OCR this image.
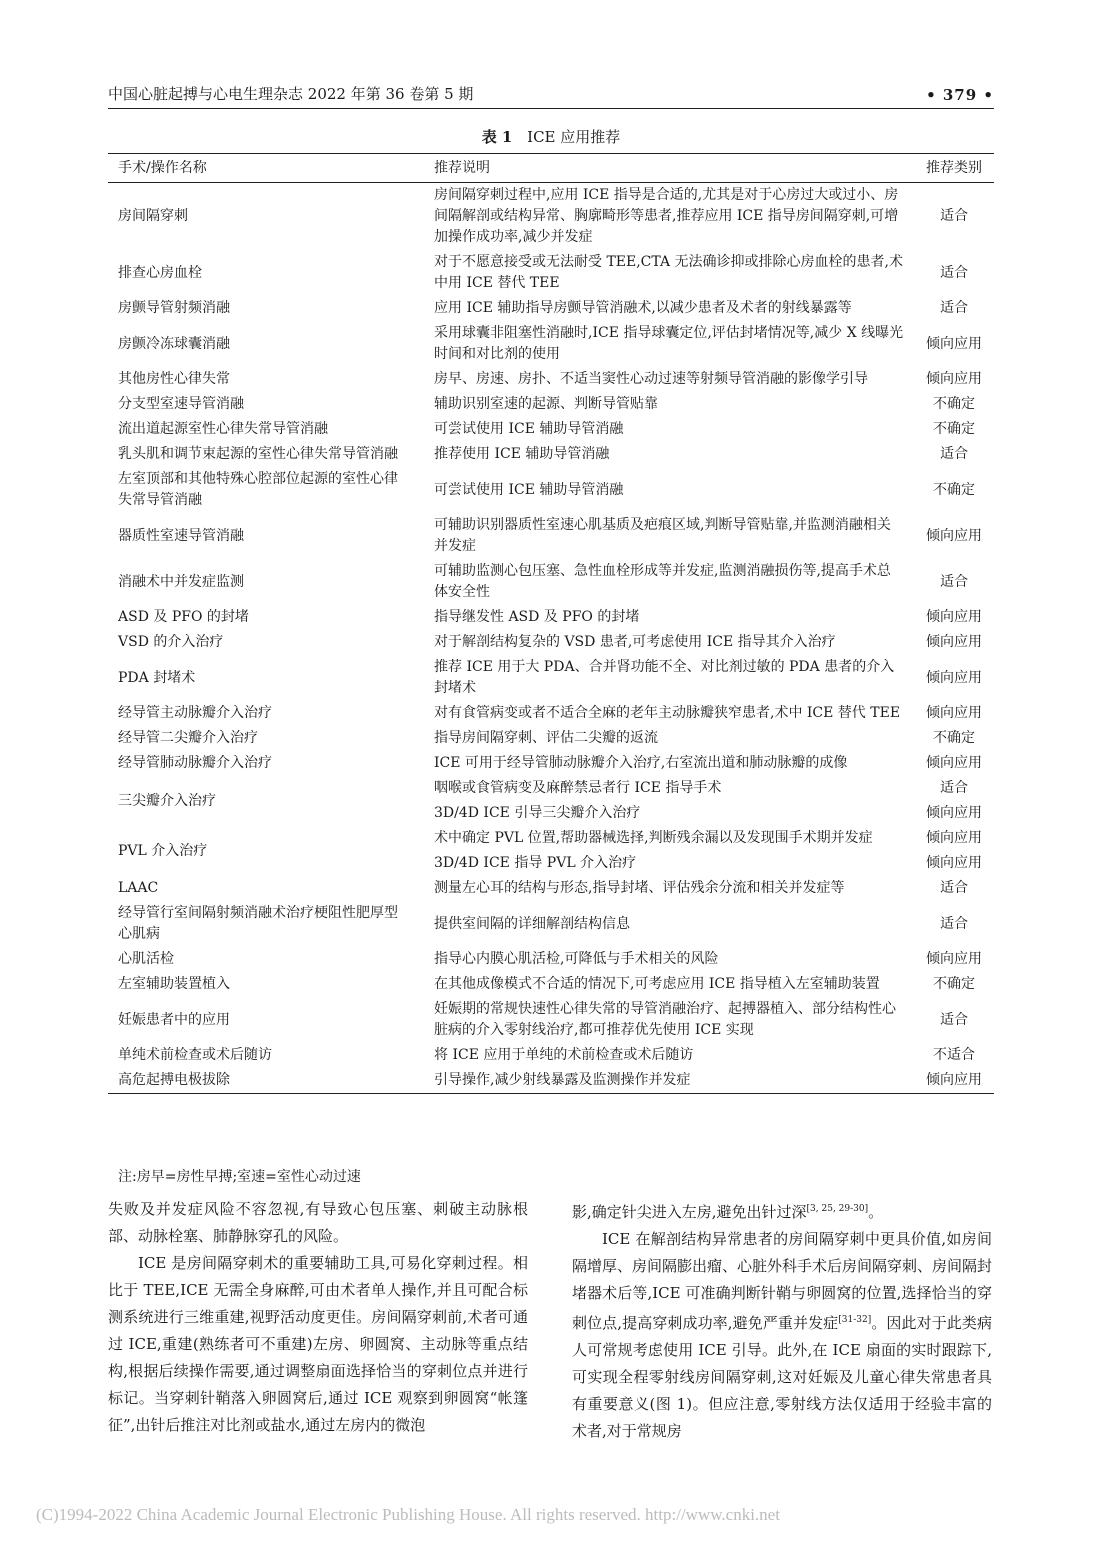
中国心脏起搏与心电生理杂志 2022 年第 36 卷第 5 期	• 379 •
表 1 ICE 应用推荐
手术/操作名称	推荐说明	推荐类别
房间隔穿刺	房间隔穿刺过程中,应用 ICE 指导是合适的,尤其是对于心房过大或过小、房间隔解剖或结构异常、胸廓畸形等患者,推荐应用 ICE 指导房间隔穿刺,可增加操作成功率,减少并发症	适合
排查心房血栓	对于不愿意接受或无法耐受 TEE,CTA 无法确诊抑或排除心房血栓的患者,术中用 ICE 替代 TEE	适合
房颤导管射频消融	应用 ICE 辅助指导房颤导管消融术,以减少患者及术者的射线暴露等	适合
房颤冷冻球囊消融	采用球囊非阻塞性消融时,ICE 指导球囊定位,评估封堵情况等,减少 X 线曝光时间和对比剂的使用	倾向应用
其他房性心律失常	房早、房速、房扑、不适当窦性心动过速等射频导管消融的影像学引导	倾向应用
分支型室速导管消融	辅助识别室速的起源、判断导管贴靠	不确定
流出道起源室性心律失常导管消融	可尝试使用 ICE 辅助导管消融	不确定
乳头肌和调节束起源的室性心律失常导管消融	推荐使用 ICE 辅助导管消融	适合
左室顶部和其他特殊心腔部位起源的室性心律失常导管消融	可尝试使用 ICE 辅助导管消融	不确定
器质性室速导管消融	可辅助识别器质性室速心肌基质及疤痕区域,判断导管贴靠,并监测消融相关并发症	倾向应用
消融术中并发症监测	可辅助监测心包压塞、急性血栓形成等并发症,监测消融损伤等,提高手术总体安全性	适合
ASD 及 PFO 的封堵	指导继发性 ASD 及 PFO 的封堵	倾向应用
VSD 的介入治疗	对于解剖结构复杂的 VSD 患者,可考虑使用 ICE 指导其介入治疗	倾向应用
PDA 封堵术	推荐 ICE 用于大 PDA、合并肾功能不全、对比剂过敏的 PDA 患者的介入封堵术	倾向应用
经导管主动脉瓣介入治疗	对有食管病变或者不适合全麻的老年主动脉瓣狭窄患者,术中 ICE 替代 TEE	倾向应用
经导管二尖瓣介入治疗	指导房间隔穿刺、评估二尖瓣的返流	不确定
经导管肺动脉瓣介入治疗	ICE 可用于经导管肺动脉瓣介入治疗,右室流出道和肺动脉瓣的成像	倾向应用
三尖瓣介入治疗	咽喉或食管病变及麻醉禁忌者行 ICE 指导手术	适合
	3D/4D ICE 引导三尖瓣介入治疗	倾向应用
PVL 介入治疗	术中确定 PVL 位置,帮助器械选择,判断残余漏以及发现围手术期并发症	倾向应用
	3D/4D ICE 指导 PVL 介入治疗	倾向应用
LAAC	测量左心耳的结构与形态,指导封堵、评估残余分流和相关并发症等	适合
经导管行室间隔射频消融术治疗梗阻性肥厚型心肌病	提供室间隔的详细解剖结构信息	适合
心肌活检	指导心内膜心肌活检,可降低与手术相关的风险	倾向应用
左室辅助装置植入	在其他成像模式不合适的情况下,可考虑应用 ICE 指导植入左室辅助装置	不确定
妊娠患者中的应用	妊娠期的常规快速性心律失常的导管消融治疗、起搏器植入、部分结构性心脏病的介入零射线治疗,都可推荐优先使用 ICE 实现	适合
单纯术前检查或术后随访	将 ICE 应用于单纯的术前检查或术后随访	不适合
高危起搏电极拔除	引导操作,减少射线暴露及监测操作并发症	倾向应用
注:房早=房性早搏;室速=室性心动过速

失败及并发症风险不容忽视,有导致心包压塞、刺破主动脉根部、动脉栓塞、肺静脉穿孔的风险。

ICE 是房间隔穿刺术的重要辅助工具,可易化穿刺过程。相比于 TEE,ICE 无需全身麻醉,可由术者单人操作,并且可配合标测系统进行三维重建,视野活动度更佳。房间隔穿刺前,术者可通过 ICE,重建(熟练者可不重建)左房、卵圆窝、主动脉等重点结构,根据后续操作需要,通过调整扇面选择恰当的穿刺位点并进行标记。当穿刺针鞘落入卵圆窝后,通过 ICE 观察到卵圆窝“帐篷征”,出针后推注对比剂或盐水,通过左房内的微泡

影,确定针尖进入左房,避免出针过深[3, 25, 29-30]。

ICE 在解剖结构异常患者的房间隔穿刺中更具价值,如房间隔增厚、房间隔膨出瘤、心脏外科手术后房间隔穿刺、房间隔封堵器术后等,ICE 可准确判断针鞘与卵圆窝的位置,选择恰当的穿刺位点,提高穿刺成功率,避免严重并发症[31-32]。因此对于此类病人可常规考虑使用 ICE 引导。此外,在 ICE 扇面的实时跟踪下,可实现全程零射线房间隔穿刺,这对妊娠及儿童心律失常患者具有重要意义(图 1)。但应注意,零射线方法仅适用于经验丰富的术者,对于常规房

(C)1994-2022 China Academic Journal Electronic Publishing House. All rights reserved. http://www.cnki.net
